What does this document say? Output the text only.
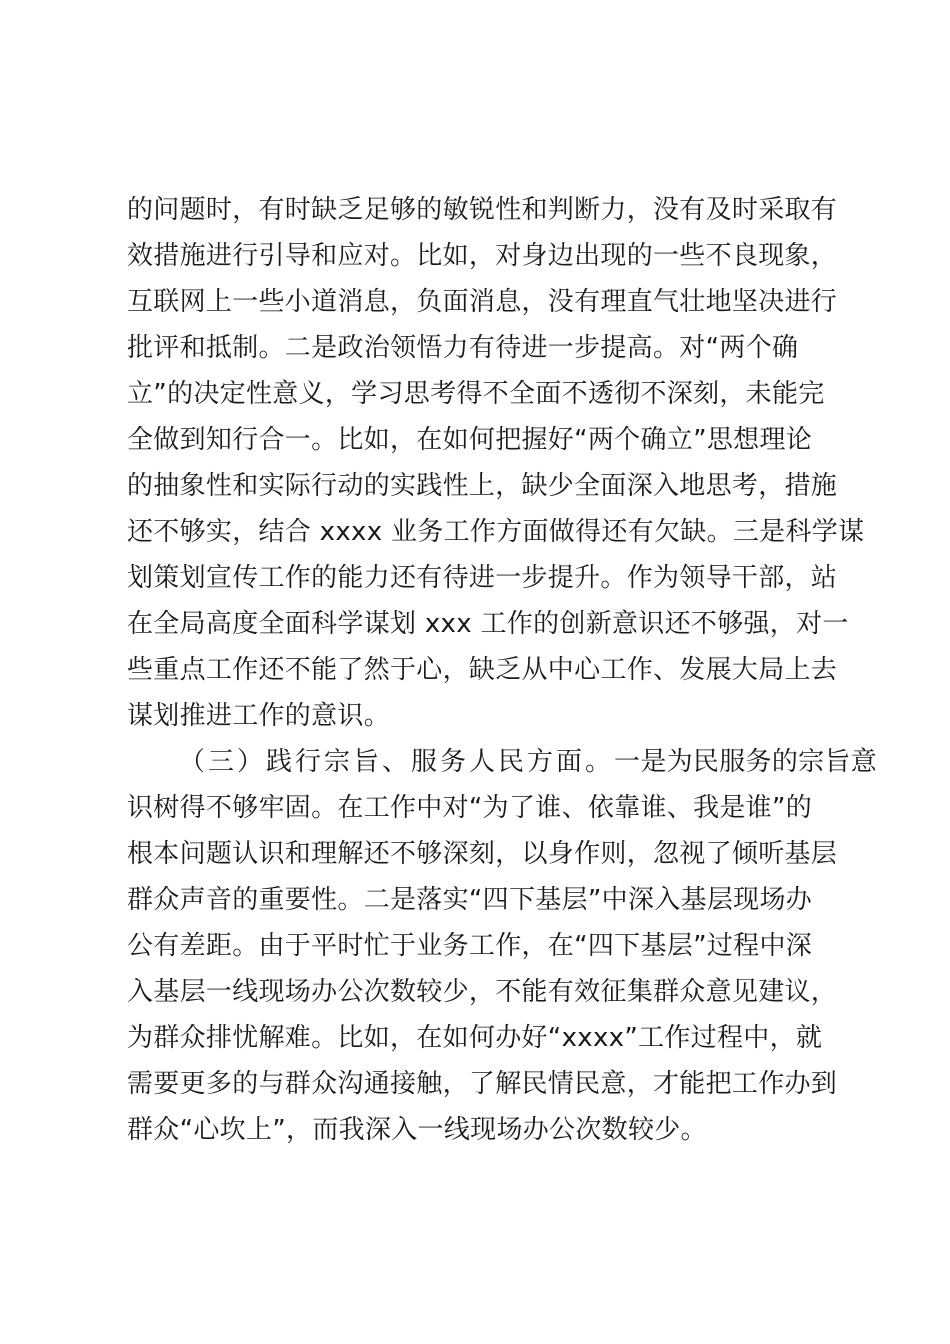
的问题时，有时缺乏足够的敏锐性和判断力，没有及时采取有
效措施进行引导和应对。比如，对身边出现的一些不良现象，
互联网上一些小道消息，负面消息，没有理直气壮地坚决进行
批评和抵制。二是政治领悟力有待进一步提高。对“两个确
立”的决定性意义，学习思考得不全面不透彻不深刻，未能完
全做到知行合一。比如，在如何把握好“两个确立”思想理论
的抽象性和实际行动的实践性上，缺少全面深入地思考，措施
还不够实，结合 xxxx 业务工作方面做得还有欠缺。三是科学谋
划策划宣传工作的能力还有待进一步提升。作为领导干部，站
在全局高度全面科学谋划 xxx 工作的创新意识还不够强，对一
些重点工作还不能了然于心，缺乏从中心工作、发展大局上去
谋划推进工作的意识。
（三）践行宗旨、服务人民方面。一是为民服务的宗旨意
识树得不够牢固。在工作中对“为了谁、依靠谁、我是谁”的
根本问题认识和理解还不够深刻，以身作则，忽视了倾听基层
群众声音的重要性。二是落实“四下基层”中深入基层现场办
公有差距。由于平时忙于业务工作，在“四下基层”过程中深
入基层一线现场办公次数较少，不能有效征集群众意见建议，
为群众排忧解难。比如，在如何办好“xxxx”工作过程中，就
需要更多的与群众沟通接触，了解民情民意，才能把工作办到
群众“心坎上”，而我深入一线现场办公次数较少。
